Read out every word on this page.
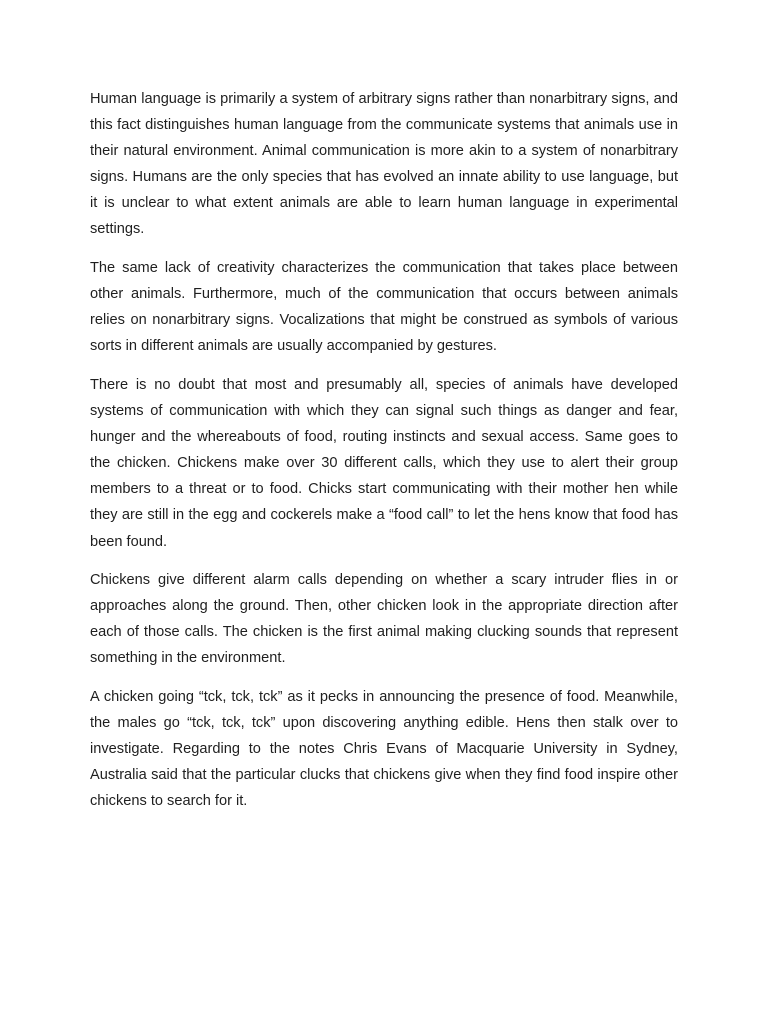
Human language is primarily a system of arbitrary signs rather than nonarbitrary signs, and this fact distinguishes human language from the communicate systems that animals use in their natural environment. Animal communication is more akin to a system of nonarbitrary signs. Humans are the only species that has evolved an innate ability to use language, but it is unclear to what extent animals are able to learn human language in experimental settings.

The same lack of creativity characterizes the communication that takes place between other animals. Furthermore, much of the communication that occurs between animals relies on nonarbitrary signs. Vocalizations that might be construed as symbols of various sorts in different animals are usually accompanied by gestures.

There is no doubt that most and presumably all, species of animals have developed systems of communication with which they can signal such things as danger and fear, hunger and the whereabouts of food, routing instincts and sexual access. Same goes to the chicken. Chickens make over 30 different calls, which they use to alert their group members to a threat or to food. Chicks start communicating with their mother hen while they are still in the egg and cockerels make a “food call” to let the hens know that food has been found.

Chickens give different alarm calls depending on whether a scary intruder flies in or approaches along the ground. Then, other chicken look in the appropriate direction after each of those calls. The chicken is the first animal making clucking sounds that represent something in the environment.

A chicken going “tck, tck, tck” as it pecks in announcing the presence of food. Meanwhile, the males go “tck, tck, tck” upon discovering anything edible. Hens then stalk over to investigate. Regarding to the notes Chris Evans of Macquarie University in Sydney, Australia said that the particular clucks that chickens give when they find food inspire other chickens to search for it.
